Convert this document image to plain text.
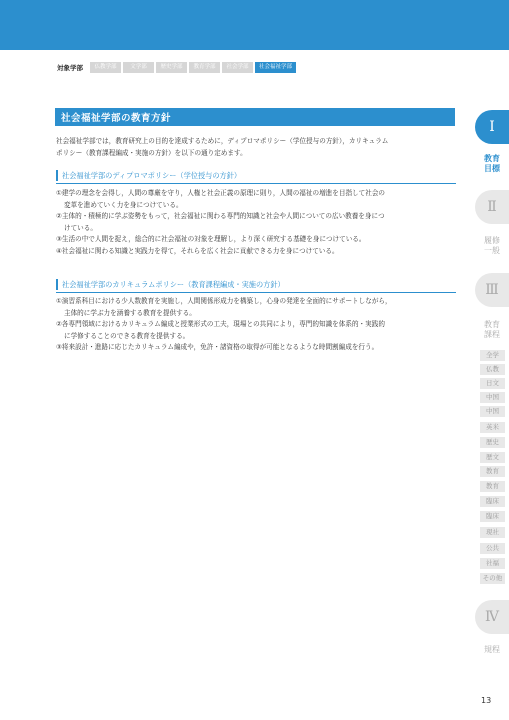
対象学部	仏教学部	文学部	歴史学部	教育学部	社会学部	社会福祉学部
社会福祉学部の教育方針
社会福祉学部では，教育研究上の目的を達成するために，ディプロマポリシー（学位授与の方針），カリキュラム
ポリシー（教育課程編成・実施の方針）を以下の通り定めます。
社会福祉学部のディプロマポリシー（学位授与の方針）
①建学の理念を会得し，人間の尊厳を守り，人権と社会正義の原理に則り，人間の福祉の増進を目指して社会の
変革を進めていく力を身につけている。
②主体的・積極的に学ぶ姿勢をもって，社会福祉に関わる専門的知識と社会や人間についての広い教養を身につ
けている。
③生活の中で人間を捉え，総合的に社会福祉の対象を理解し，より深く研究する基礎を身につけている。
④社会福祉に関わる知識と実践力を得て，それらを広く社会に貢献できる力を身につけている。
社会福祉学部のカリキュラムポリシー（教育課程編成・実施の方針）
①演習系科目における少人数教育を実施し，人間関係形成力を構築し，心身の発達を全面的にサポートしながら，
主体的に学ぶ力を涵養する教育を提供する。
②各専門領域におけるカリキュラム編成と授業形式の工夫，現場との共同により，専門的知識を体系的・実践的
に学修することのできる教育を提供する。
③将来設計・進路に応じたカリキュラム編成や，免許・諸資格の取得が可能となるような時間割編成を行う。
Ⅰ
教育
目標
Ⅱ
履修
一般
Ⅲ
教育
課程
全学
仏教
日文
中国
中国
英米
歴史
歴文
教育
教育
臨床
臨床
現社
公共
社福
その他
Ⅳ
規程
13
